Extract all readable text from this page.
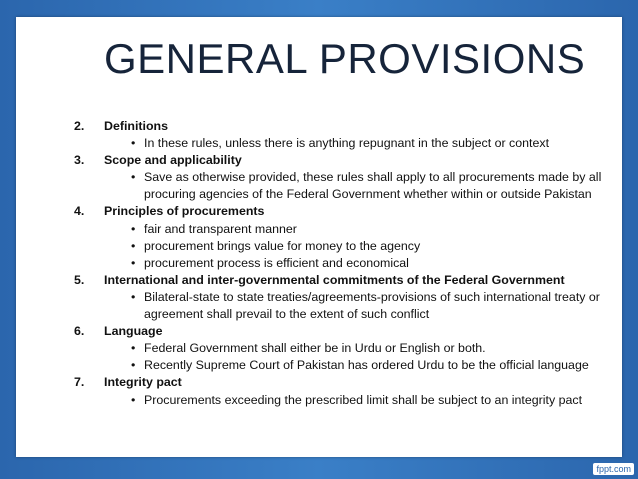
GENERAL PROVISIONS
2.	Definitions
• In these rules, unless there is anything repugnant in the subject or context
3.	Scope and applicability
• Save as otherwise provided, these rules shall apply to all procurements made by all procuring agencies of the Federal Government whether within or outside Pakistan
4.	Principles of procurements
• fair and transparent manner
• procurement brings value for money to the agency
• procurement process is efficient and economical
5.	International and inter-governmental commitments of the Federal Government
• Bilateral-state to state treaties/agreements-provisions of such international treaty or agreement shall prevail to the extent of such conflict
6.	Language
• Federal Government shall either be in Urdu or English or both.
• Recently Supreme Court of Pakistan has ordered Urdu to be the official language
7.	Integrity pact
• Procurements exceeding the prescribed limit shall be subject to an integrity pact
fppt.com
